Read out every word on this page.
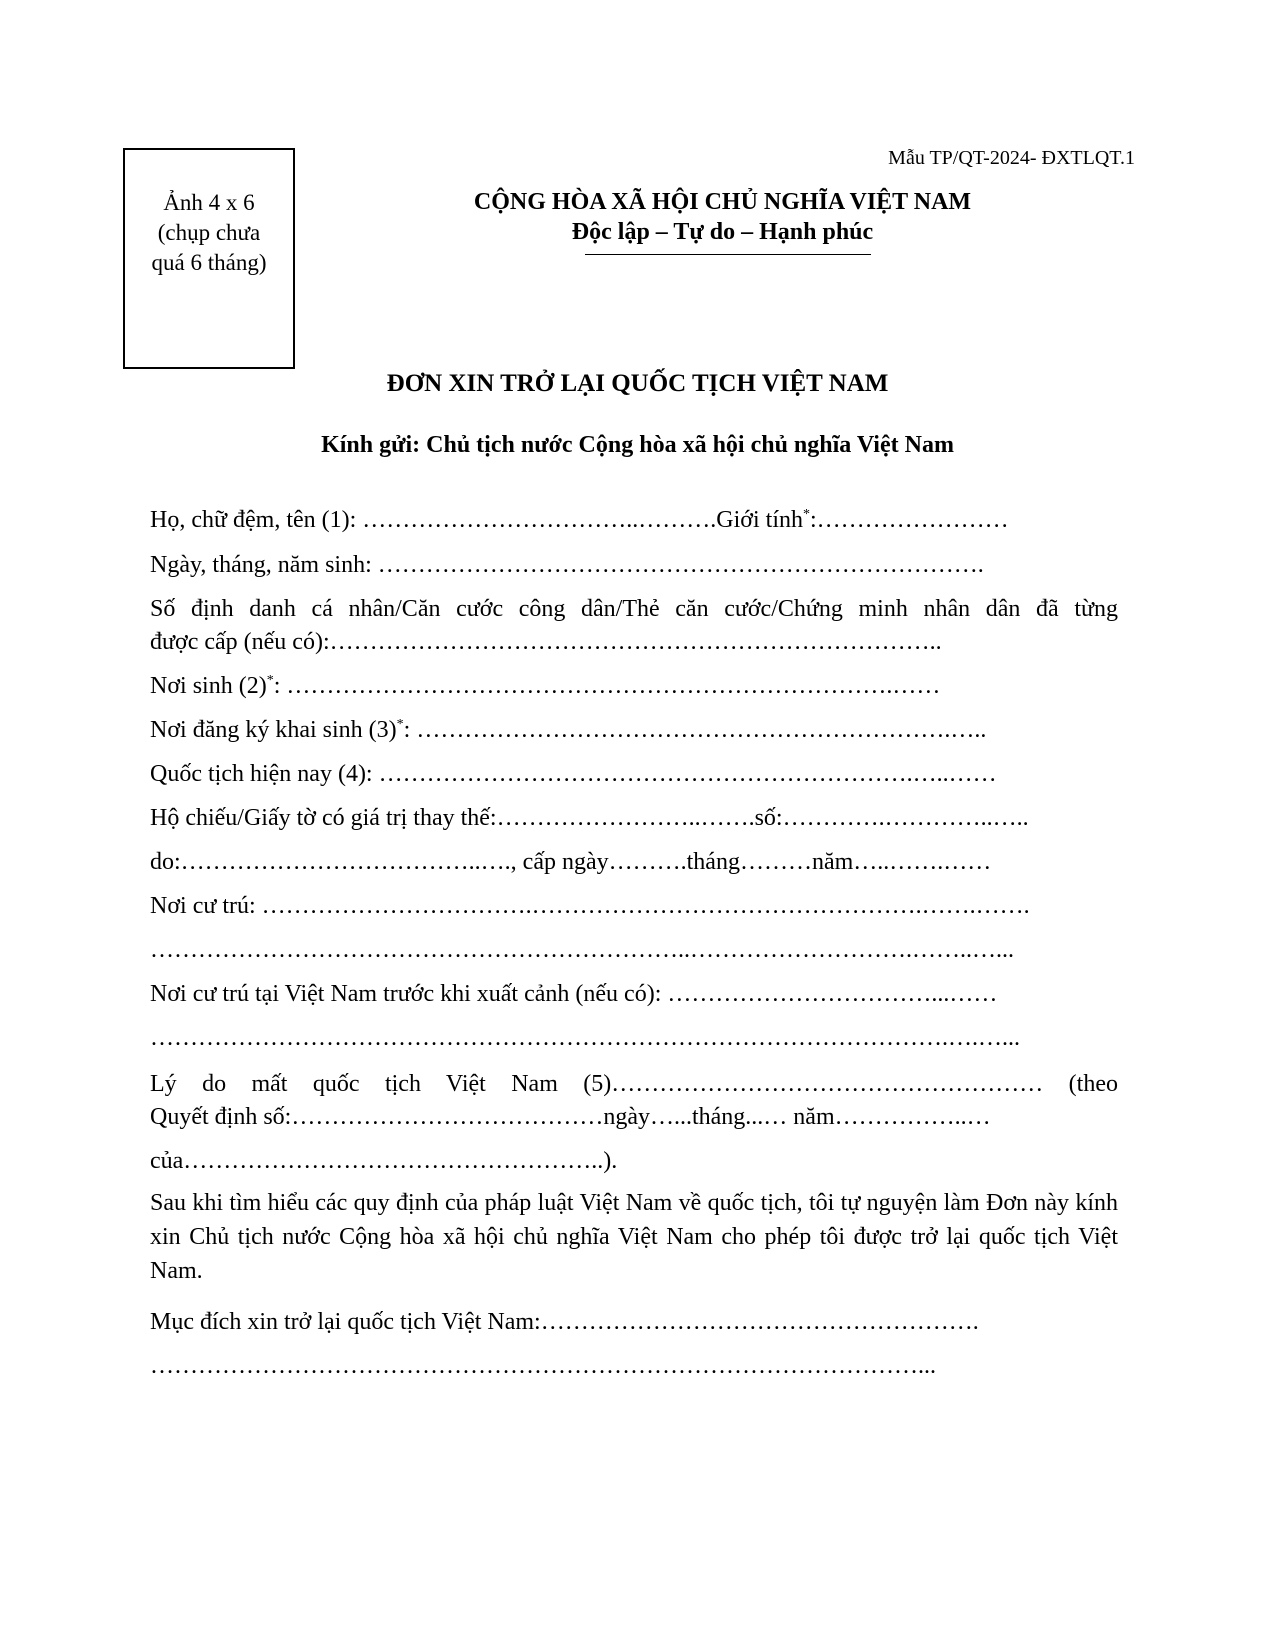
Mẫu TP/QT-2024- ĐXTLQT.1
Ảnh 4 x 6
(chụp chưa
quá 6 tháng)
CỘNG HÒA XÃ HỘI CHỦ NGHĨA VIỆT NAM
Độc lập – Tự do – Hạnh phúc
ĐƠN XIN TRỞ LẠI QUỐC TỊCH VIỆT NAM
Kính gửi: Chủ tịch nước Cộng hòa xã hội chủ nghĩa Việt Nam
Họ, chữ đệm, tên (1): ……………………………..……….Giới tính*:……………………
Ngày, tháng, năm sinh: ………………………………………………………………….
Số định danh cá nhân/Căn cước công dân/Thẻ căn cước/Chứng minh nhân dân đã từng
được cấp (nếu có):…………………………………………………………………..
Nơi sinh (2)*: ………………………………………………………………….……
Nơi đăng ký khai sinh (3)*: ………………………………………………………….…..
Quốc tịch hiện nay (4): ………………………………………………………….…..……
Hộ chiếu/Giấy tờ có giá trị thay thế:……………………..…….số:………….…………..…..
do:………………………………..…., cấp ngày……….tháng………năm…..…….……
Nơi cư trú: …………………………….………………………………………….…….…….
…………………………………………………………..……………………….……..…...
Nơi cư trú tại Việt Nam trước khi xuất cảnh (nếu có): ……………………………...……
……………………………………………………………………………………….….…...
Lý do mất quốc tịch Việt Nam (5)……………………………………………… (theo
Quyết định số:…………………………………ngày…...tháng...… năm……………..…
của……………………………………………..).
Sau khi tìm hiểu các quy định của pháp luật Việt Nam về quốc tịch, tôi tự nguyện làm Đơn này kính xin Chủ tịch nước Cộng hòa xã hội chủ nghĩa Việt Nam cho phép tôi được trở lại quốc tịch Việt Nam.
Mục đích xin trở lại quốc tịch Việt Nam:……………………………………………….
……………………………………………………………………………………...
